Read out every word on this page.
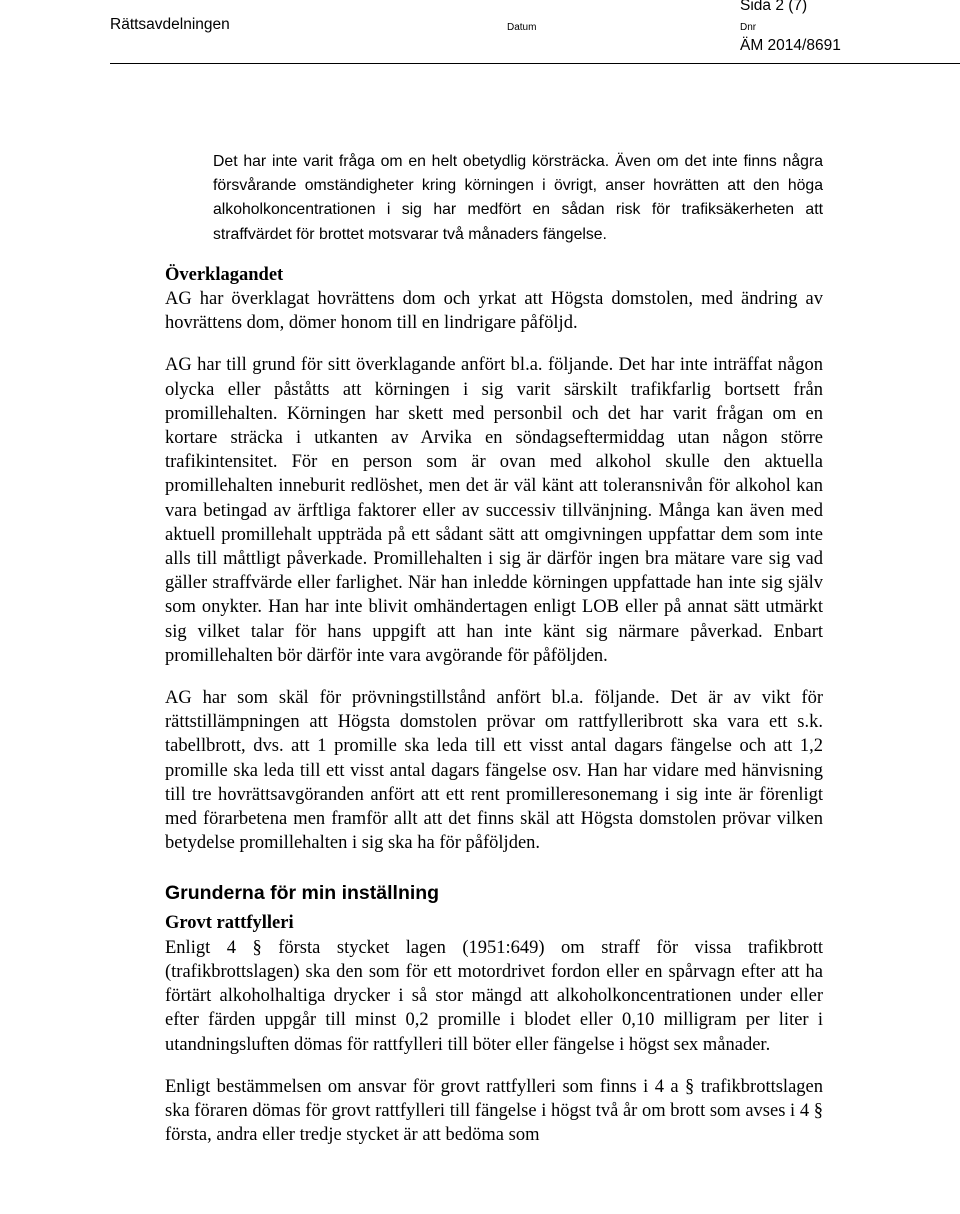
Rättsavdelningen
Sida 2 (7)
Datum	Dnr
ÄM 2014/8691

Det har inte varit fråga om en helt obetydlig körsträcka. Även om det inte finns några försvårande omständigheter kring körningen i övrigt, anser hovrätten att den höga alkoholkoncentrationen i sig har medfört en sådan risk för trafiksäkerheten att straffvärdet för brottet motsvarar två månaders fängelse.

Överklagandet

AG har överklagat hovrättens dom och yrkat att Högsta domstolen, med ändring av hovrättens dom, dömer honom till en lindrigare påföljd.

AG har till grund för sitt överklagande anfört bl.a. följande. Det har inte inträffat någon olycka eller påståtts att körningen i sig varit särskilt trafikfarlig bortsett från promillehalten. Körningen har skett med personbil och det har varit frågan om en kortare sträcka i utkanten av Arvika en söndagseftermiddag utan någon större trafikintensitet. För en person som är ovan med alkohol skulle den aktuella promillehalten inneburit redlöshet, men det är väl känt att toleransnivån för alkohol kan vara betingad av ärftliga faktorer eller av successiv tillvänjning. Många kan även med aktuell promillehalt uppträda på ett sådant sätt att omgivningen uppfattar dem som inte alls till måttligt påverkade. Promillehalten i sig är därför ingen bra mätare vare sig vad gäller straffvärde eller farlighet. När han inledde körningen uppfattade han inte sig själv som onykter. Han har inte blivit omhändertagen enligt LOB eller på annat sätt utmärkt sig vilket talar för hans uppgift att han inte känt sig närmare påverkad. Enbart promillehalten bör därför inte vara avgörande för påföljden.

AG har som skäl för prövningstillstånd anfört bl.a. följande. Det är av vikt för rättstillämpningen att Högsta domstolen prövar om rattfylleribrott ska vara ett s.k. tabellbrott, dvs. att 1 promille ska leda till ett visst antal dagars fängelse och att 1,2 promille ska leda till ett visst antal dagars fängelse osv. Han har vidare med hänvisning till tre hovrättsavgöranden anfört att ett rent promilleresonemang i sig inte är förenligt med förarbetena men framför allt att det finns skäl att Högsta domstolen prövar vilken betydelse promillehalten i sig ska ha för påföljden.

Grunderna för min inställning

Grovt rattfylleri

Enligt 4 § första stycket lagen (1951:649) om straff för vissa trafikbrott (trafikbrottslagen) ska den som för ett motordrivet fordon eller en spårvagn efter att ha förtärt alkoholhaltiga drycker i så stor mängd att alkoholkoncentrationen under eller efter färden uppgår till minst 0,2 promille i blodet eller 0,10 milligram per liter i utandningsluften dömas för rattfylleri till böter eller fängelse i högst sex månader.

Enligt bestämmelsen om ansvar för grovt rattfylleri som finns i 4 a § trafikbrottslagen ska föraren dömas för grovt rattfylleri till fängelse i högst två år om brott som avses i 4 § första, andra eller tredje stycket är att bedöma som
